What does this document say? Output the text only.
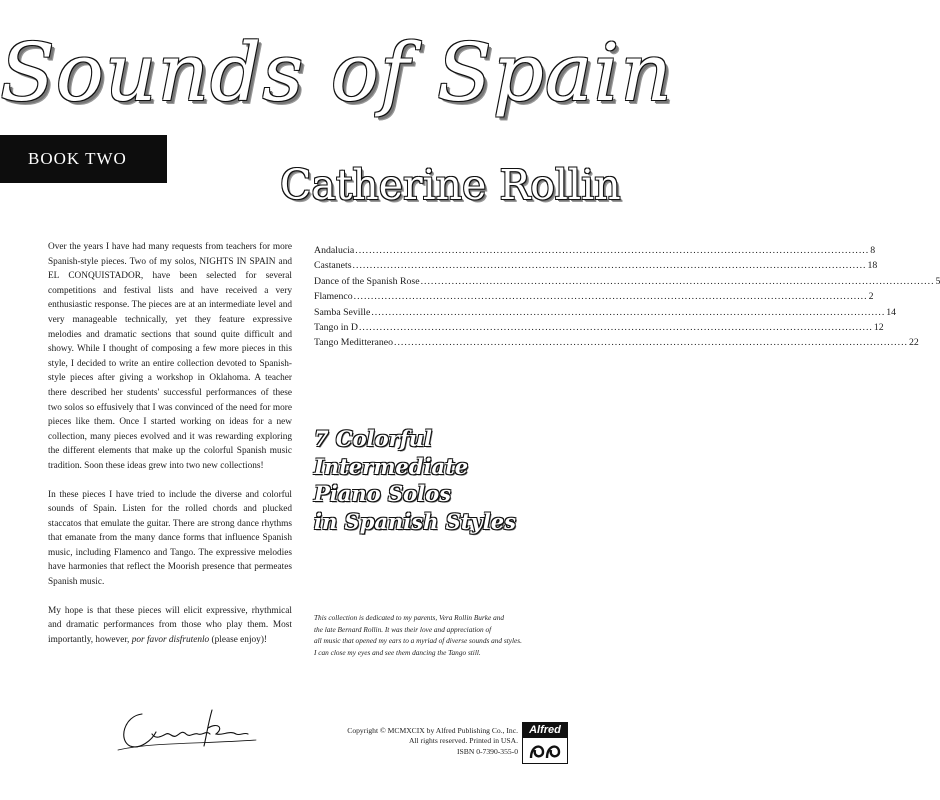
Sounds of Spain
BOOK TWO
Catherine Rollin

Over the years I have had many requests from teachers for more Spanish-style pieces. Two of my solos, NIGHTS IN SPAIN and EL CONQUISTADOR, have been selected for several competitions and festival lists and have received a very enthusiastic response. The pieces are at an intermediate level and very manageable technically, yet they feature expressive melodies and dramatic sections that sound quite difficult and showy. While I thought of composing a few more pieces in this style, I decided to write an entire collection devoted to Spanish-style pieces after giving a workshop in Oklahoma. A teacher there described her students' successful performances of these two solos so effusively that I was convinced of the need for more pieces like them. Once I started working on ideas for a new collection, many pieces evolved and it was rewarding exploring the different elements that make up the colorful Spanish music tradition. Soon these ideas grew into two new collections!

In these pieces I have tried to include the diverse and colorful sounds of Spain. Listen for the rolled chords and plucked staccatos that emulate the guitar. There are strong dance rhythms that emanate from the many dance forms that influence Spanish music, including Flamenco and Tango. The expressive melodies have harmonies that reflect the Moorish presence that permeates Spanish music.

My hope is that these pieces will elicit expressive, rhythmical and dramatic performances from those who play them. Most importantly, however, por favor disfrutenlo (please enjoy)!

Andalucia .....	8
Castanets .....	18
Dance of the Spanish Rose .....	5
Flamenco .....	2
Samba Seville .....	14
Tango in D .....	12
Tango Meditteraneo .....	22
7 Colorful
Intermediate
Piano Solos
in Spanish Styles
This collection is dedicated to my parents, Vera Rollin Burke and
the late Bernard Rollin. It was their love and appreciation of
all music that opened my ears to a myriad of diverse sounds and styles.
I can close my eyes and see them dancing the Tango still.
Copyright © MCMXCIX by Alfred Publishing Co., Inc.
All rights reserved. Printed in USA.
ISBN 0-7390-355-0
Alfred
